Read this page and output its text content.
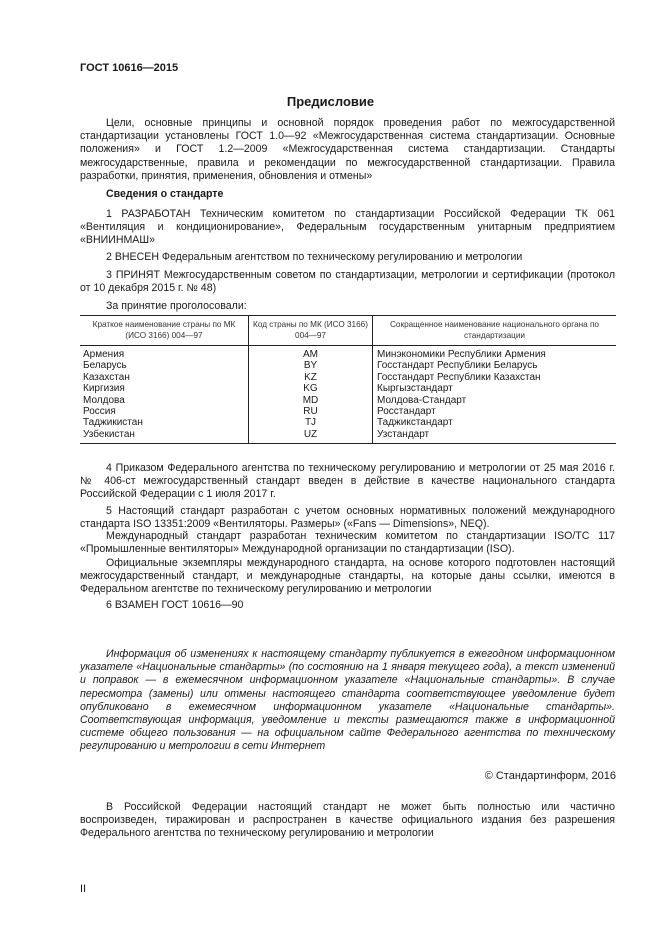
ГОСТ 10616—2015
Предисловие

Цели, основные принципы и основной порядок проведения работ по межгосударственной стандартизации установлены ГОСТ 1.0—92 «Межгосударственная система стандартизации. Основные положения» и ГОСТ 1.2—2009 «Межгосударственная система стандартизации. Стандарты межгосударственные, правила и рекомендации по межгосударственной стандартизации. Правила разработки, принятия, применения, обновления и отмены»

Сведения о стандарте

1 РАЗРАБОТАН Техническим комитетом по стандартизации Российской Федерации ТК 061 «Вентиляция и кондиционирование», Федеральным государственным унитарным предприятием «ВНИИНМАШ»

2 ВНЕСЕН Федеральным агентством по техническому регулированию и метрологии

3 ПРИНЯТ Межгосударственным советом по стандартизации, метрологии и сертификации (протокол от 10 декабря 2015 г. № 48)

За принятие проголосовали:

Краткое наименование страны по МК (ИСО 3166) 004—97	Код страны по МК (ИСО 3166) 004—97	Сокращенное наименование национального органа по стандартизации
Армения	AM	Минэкономики Республики Армения
Беларусь	BY	Госстандарт Республики Беларусь
Казахстан	KZ	Госстандарт Республики Казахстан
Киргизия	KG	Кыргызстандарт
Молдова	MD	Молдова-Стандарт
Россия	RU	Росстандарт
Таджикистан	TJ	Таджикстандарт
Узбекистан	UZ	Узстандарт

4 Приказом Федерального агентства по техническому регулированию и метрологии от 25 мая 2016 г. № 406-ст межгосударственный стандарт введен в действие в качестве национального стандарта Российской Федерации с 1 июля 2017 г.

5 Настоящий стандарт разработан с учетом основных нормативных положений международного стандарта ISO 13351:2009 «Вентиляторы. Размеры» («Fans — Dimensions», NEQ).

Международный стандарт разработан техническим комитетом по стандартизации ISO/TC 117 «Промышленные вентиляторы» Международной организации по стандартизации (ISO).

Официальные экземпляры международного стандарта, на основе которого подготовлен настоящий межгосударственный стандарт, и международные стандарты, на которые даны ссылки, имеются в Федеральном агентстве по техническому регулированию и метрологии

6 ВЗАМЕН ГОСТ 10616—90

Информация об изменениях к настоящему стандарту публикуется в ежегодном информационном указателе «Национальные стандарты» (по состоянию на 1 января текущего года), а текст изменений и поправок — в ежемесячном информационном указателе «Национальные стандарты». В случае пересмотра (замены) или отмены настоящего стандарта соответствующее уведомление будет опубликовано в ежемесячном информационном указателе «Национальные стандарты». Соответствующая информация, уведомление и тексты размещаются также в информационной системе общего пользования — на официальном сайте Федерального агентства по техническому регулированию и метрологии в сети Интернет

© Стандартинформ, 2016

В Российской Федерации настоящий стандарт не может быть полностью или частично воспроизведен, тиражирован и распространен в качестве официального издания без разрешения Федерального агентства по техническому регулированию и метрологии

II
